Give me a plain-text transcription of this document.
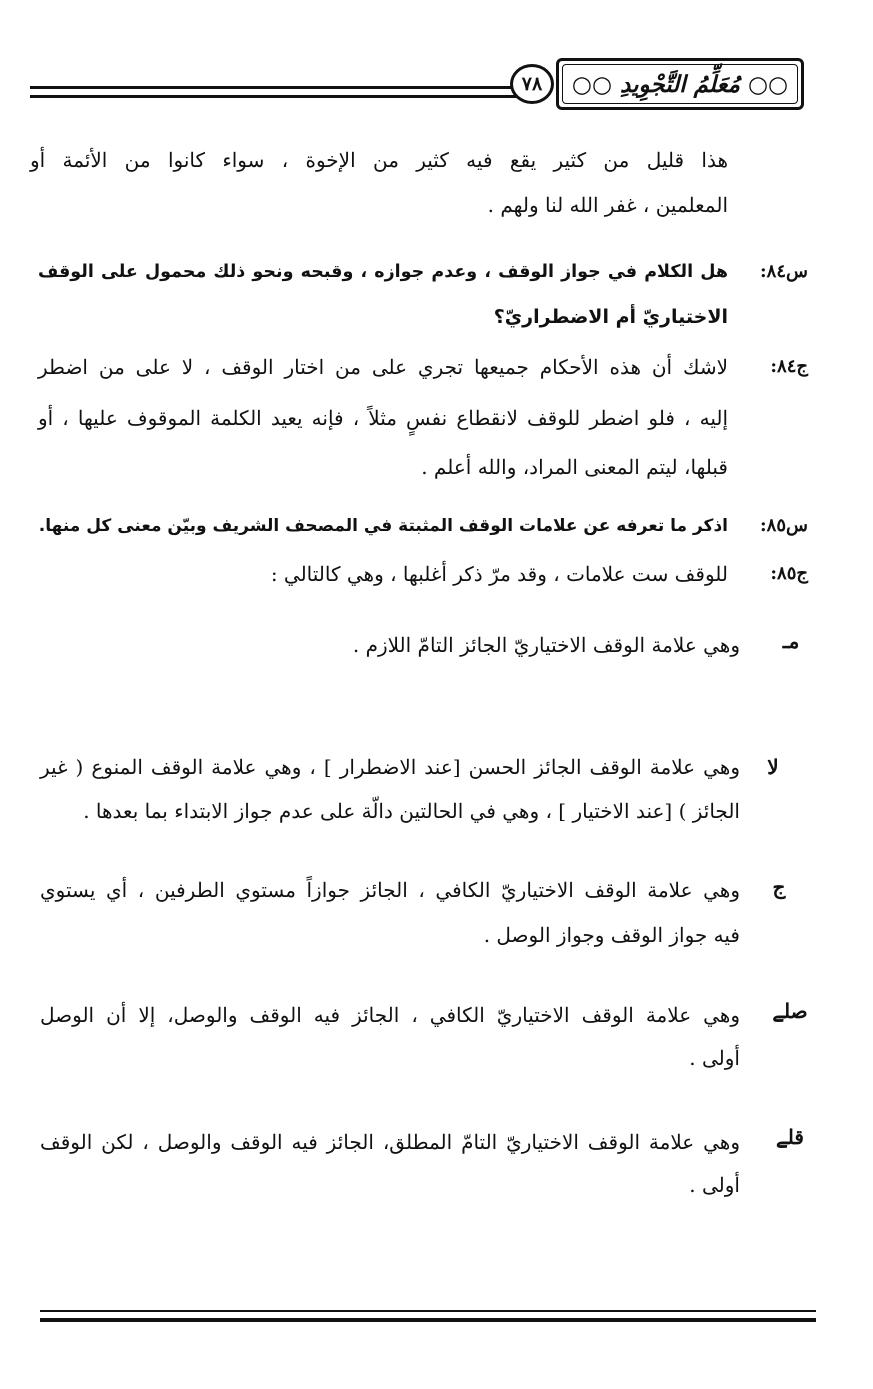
٧٨	○○ مُعَلِّمُ التَّجْوِيدِ ○○
هذا قليل من كثير يقع فيه كثير من الإخوة ، سواء كانوا من الأئمة أو
المعلمين ، غفر الله لنا ولهم .
س٨٤:
هل الكلام في جواز الوقف ، وعدم جوازه ، وقبحه ونحو ذلك محمول على الوقف
الاختياريّ أم الاضطراريّ؟
ج٨٤:
لاشك أن هذه الأحكام جميعها تجري على من اختار الوقف ، لا على من اضطر
إليه ، فلو اضطر للوقف لانقطاع نفسٍ مثلاً ، فإنه يعيد الكلمة الموقوف عليها ، أو
قبلها، ليتم المعنى المراد، والله أعلم .
س٨٥:
اذكر ما تعرفه عن علامات الوقف المثبتة في المصحف الشريف وبيّن معنى كل منها.
ج٨٥:
للوقف ست علامات ، وقد مرّ ذكر أغلبها ، وهي كالتالي :
مـ
وهي علامة الوقف الاختياريّ الجائز التامّ اللازم .
لا
وهي علامة الوقف الجائز الحسن [عند الاضطرار ] ، وهي علامة الوقف المنوع ( غير
الجائز ) [عند الاختيار ] ، وهي في الحالتين دالّة على عدم جواز الابتداء بما بعدها .
ج
وهي علامة الوقف الاختياريّ الكافي ، الجائز جوازاً مستوي الطرفين ، أي يستوي
فيه جواز الوقف وجواز الوصل .
صلے
وهي علامة الوقف الاختياريّ الكافي ، الجائز فيه الوقف والوصل، إلا أن الوصل
أولى .
قلے
وهي علامة الوقف الاختياريّ التامّ المطلق، الجائز فيه الوقف والوصل ، لكن الوقف
أولى .
